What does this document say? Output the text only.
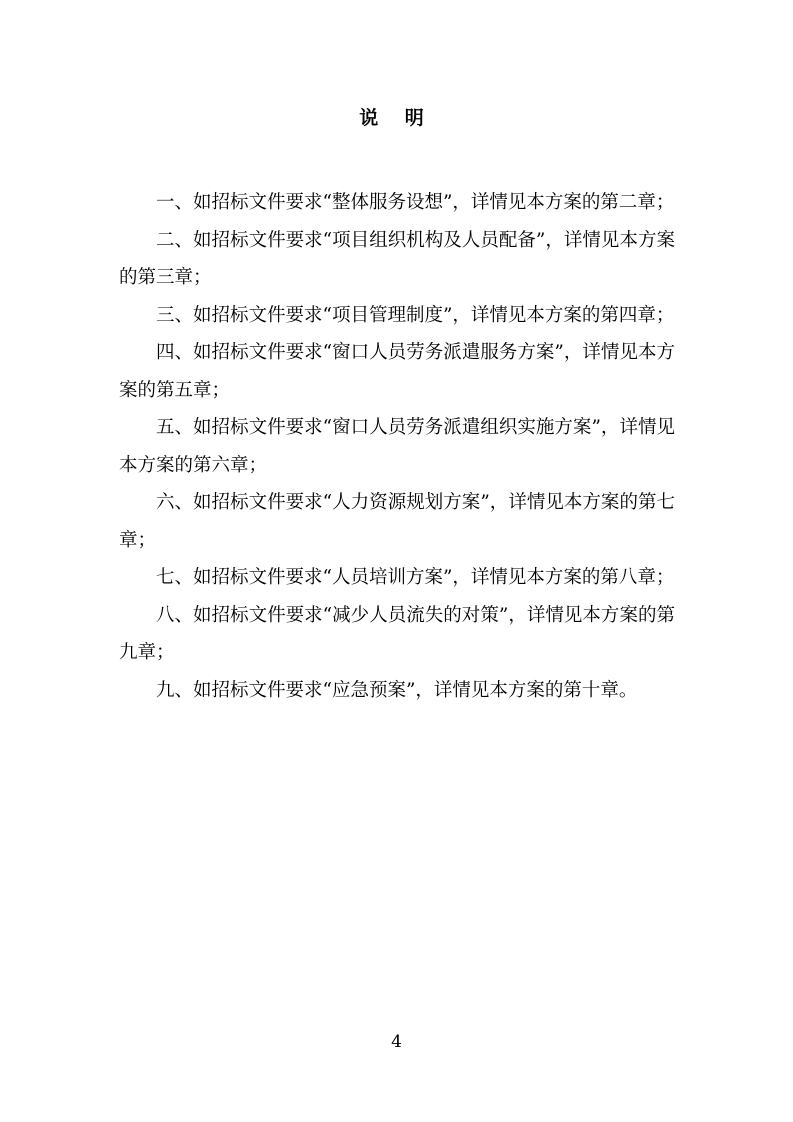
说 明

一、如招标文件要求“整体服务设想”，详情见本方案的第二章；

二、如招标文件要求“项目组织机构及人员配备”，详情见本方案的第三章；

三、如招标文件要求“项目管理制度”，详情见本方案的第四章；

四、如招标文件要求“窗口人员劳务派遣服务方案”，详情见本方案的第五章；

五、如招标文件要求“窗口人员劳务派遣组织实施方案”，详情见本方案的第六章；

六、如招标文件要求“人力资源规划方案”，详情见本方案的第七章；

七、如招标文件要求“人员培训方案”，详情见本方案的第八章；

八、如招标文件要求“减少人员流失的对策”，详情见本方案的第九章；

九、如招标文件要求“应急预案”，详情见本方案的第十章。

4
